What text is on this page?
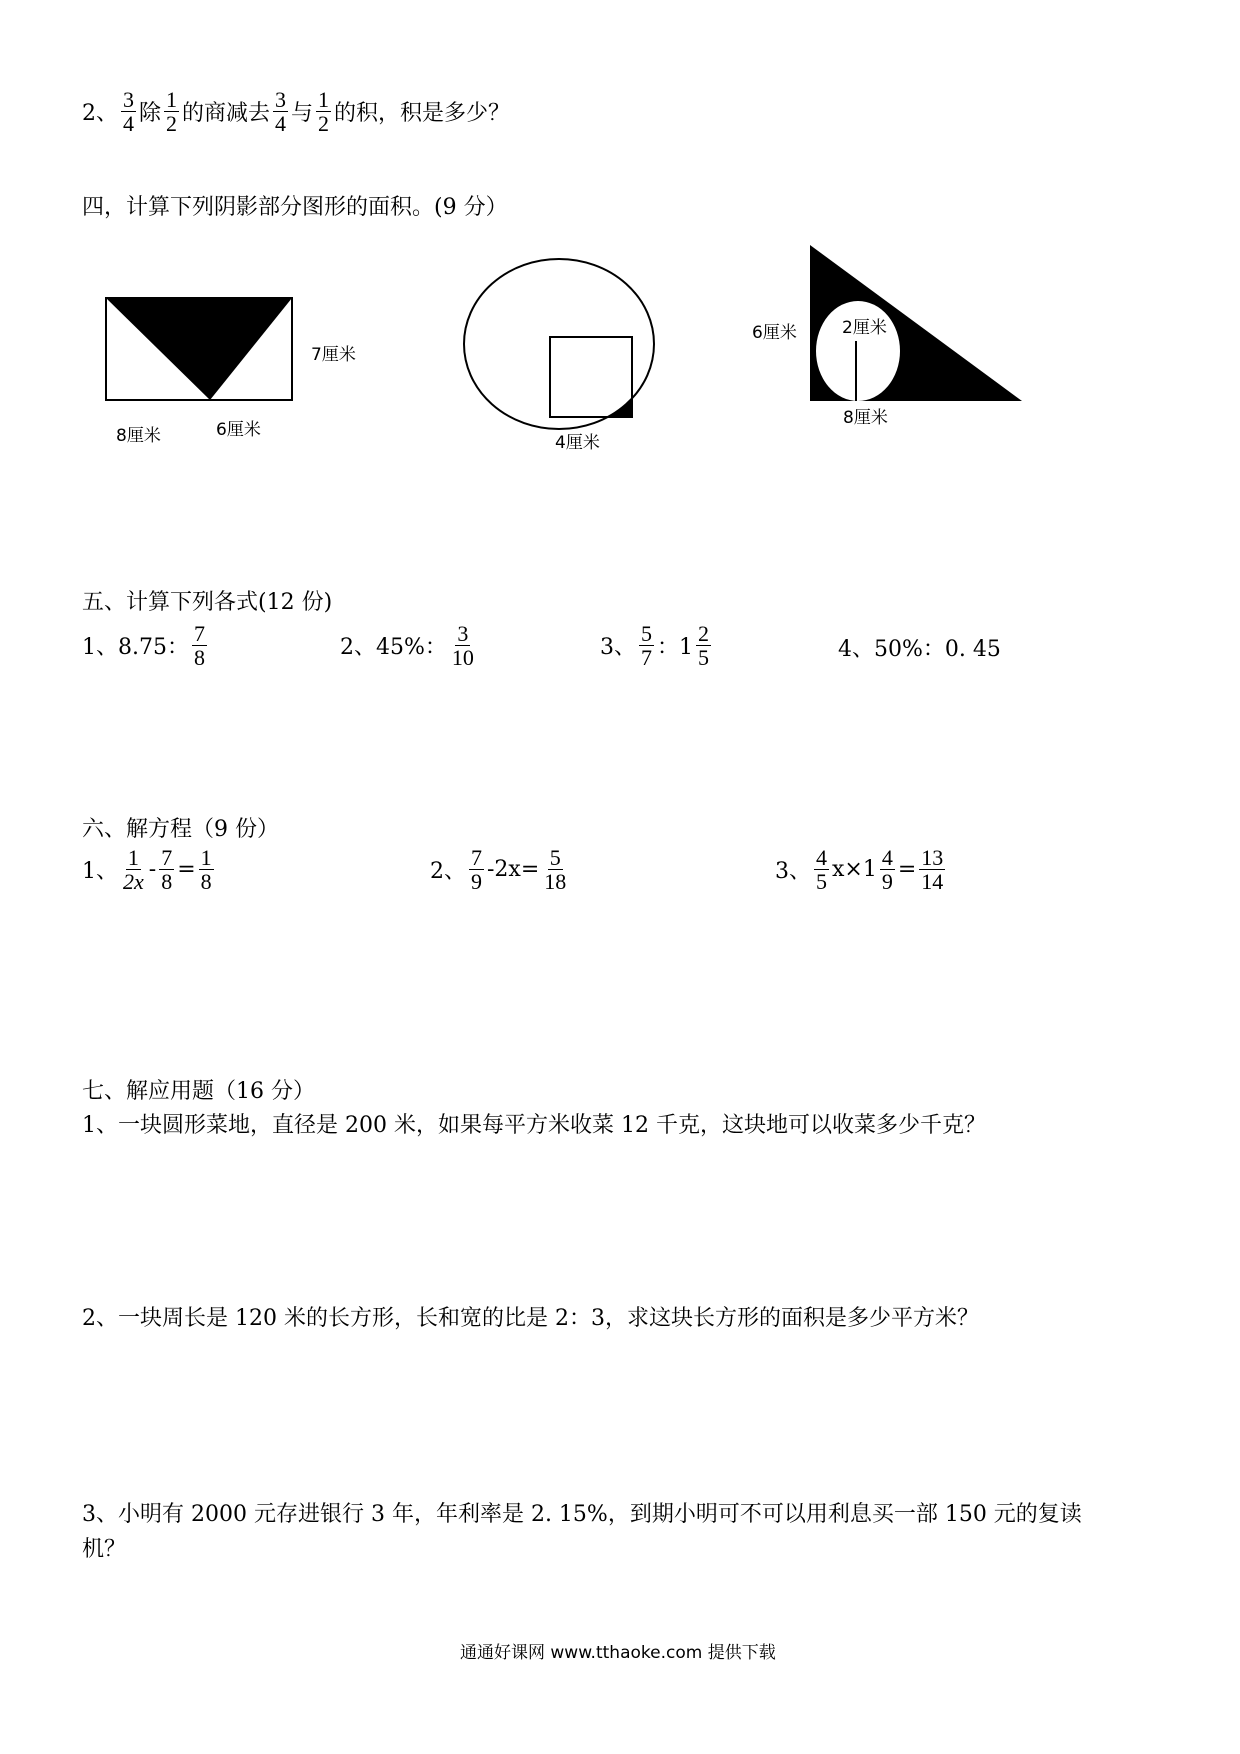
2、 $\frac{3}{4}$ 除 $\frac{1}{2}$ 的商减去 $\frac{3}{4}$ 与 $\frac{1}{2}$ 的积，积是多少？
四，计算下列阴影部分图形的面积。(9 分）
7厘米
8厘米	6厘米
4厘米
6厘米	2厘米
8厘米
五、计算下列各式(12 份)
1、8.75： $\frac{7}{8}$	2、45%： $\frac{3}{10}$	3、 $\frac{5}{7}$ ：$1 \frac{2}{5}$	4、50%：0. 45
六、解方程（9 份）
1、 $\frac{1}{2x} - \frac{7}{8} = \frac{1}{8}$	2、 $\frac{7}{9} -2x= \frac{5}{18}$	3、 $\frac{4}{5} x\times 1 \frac{4}{9} = \frac{13}{14}$
七、解应用题（16 分）
1、一块圆形菜地，直径是 200 米，如果每平方米收菜 12 千克，这块地可以收菜多少千克？
2、一块周长是 120 米的长方形，长和宽的比是 2：3，求这块长方形的面积是多少平方米？
3、小明有 2000 元存进银行 3 年，年利率是 2. 15%，到期小明可不可以用利息买一部 150 元的复读
机？
通通好课网 www.tthaoke.com 提供下载
